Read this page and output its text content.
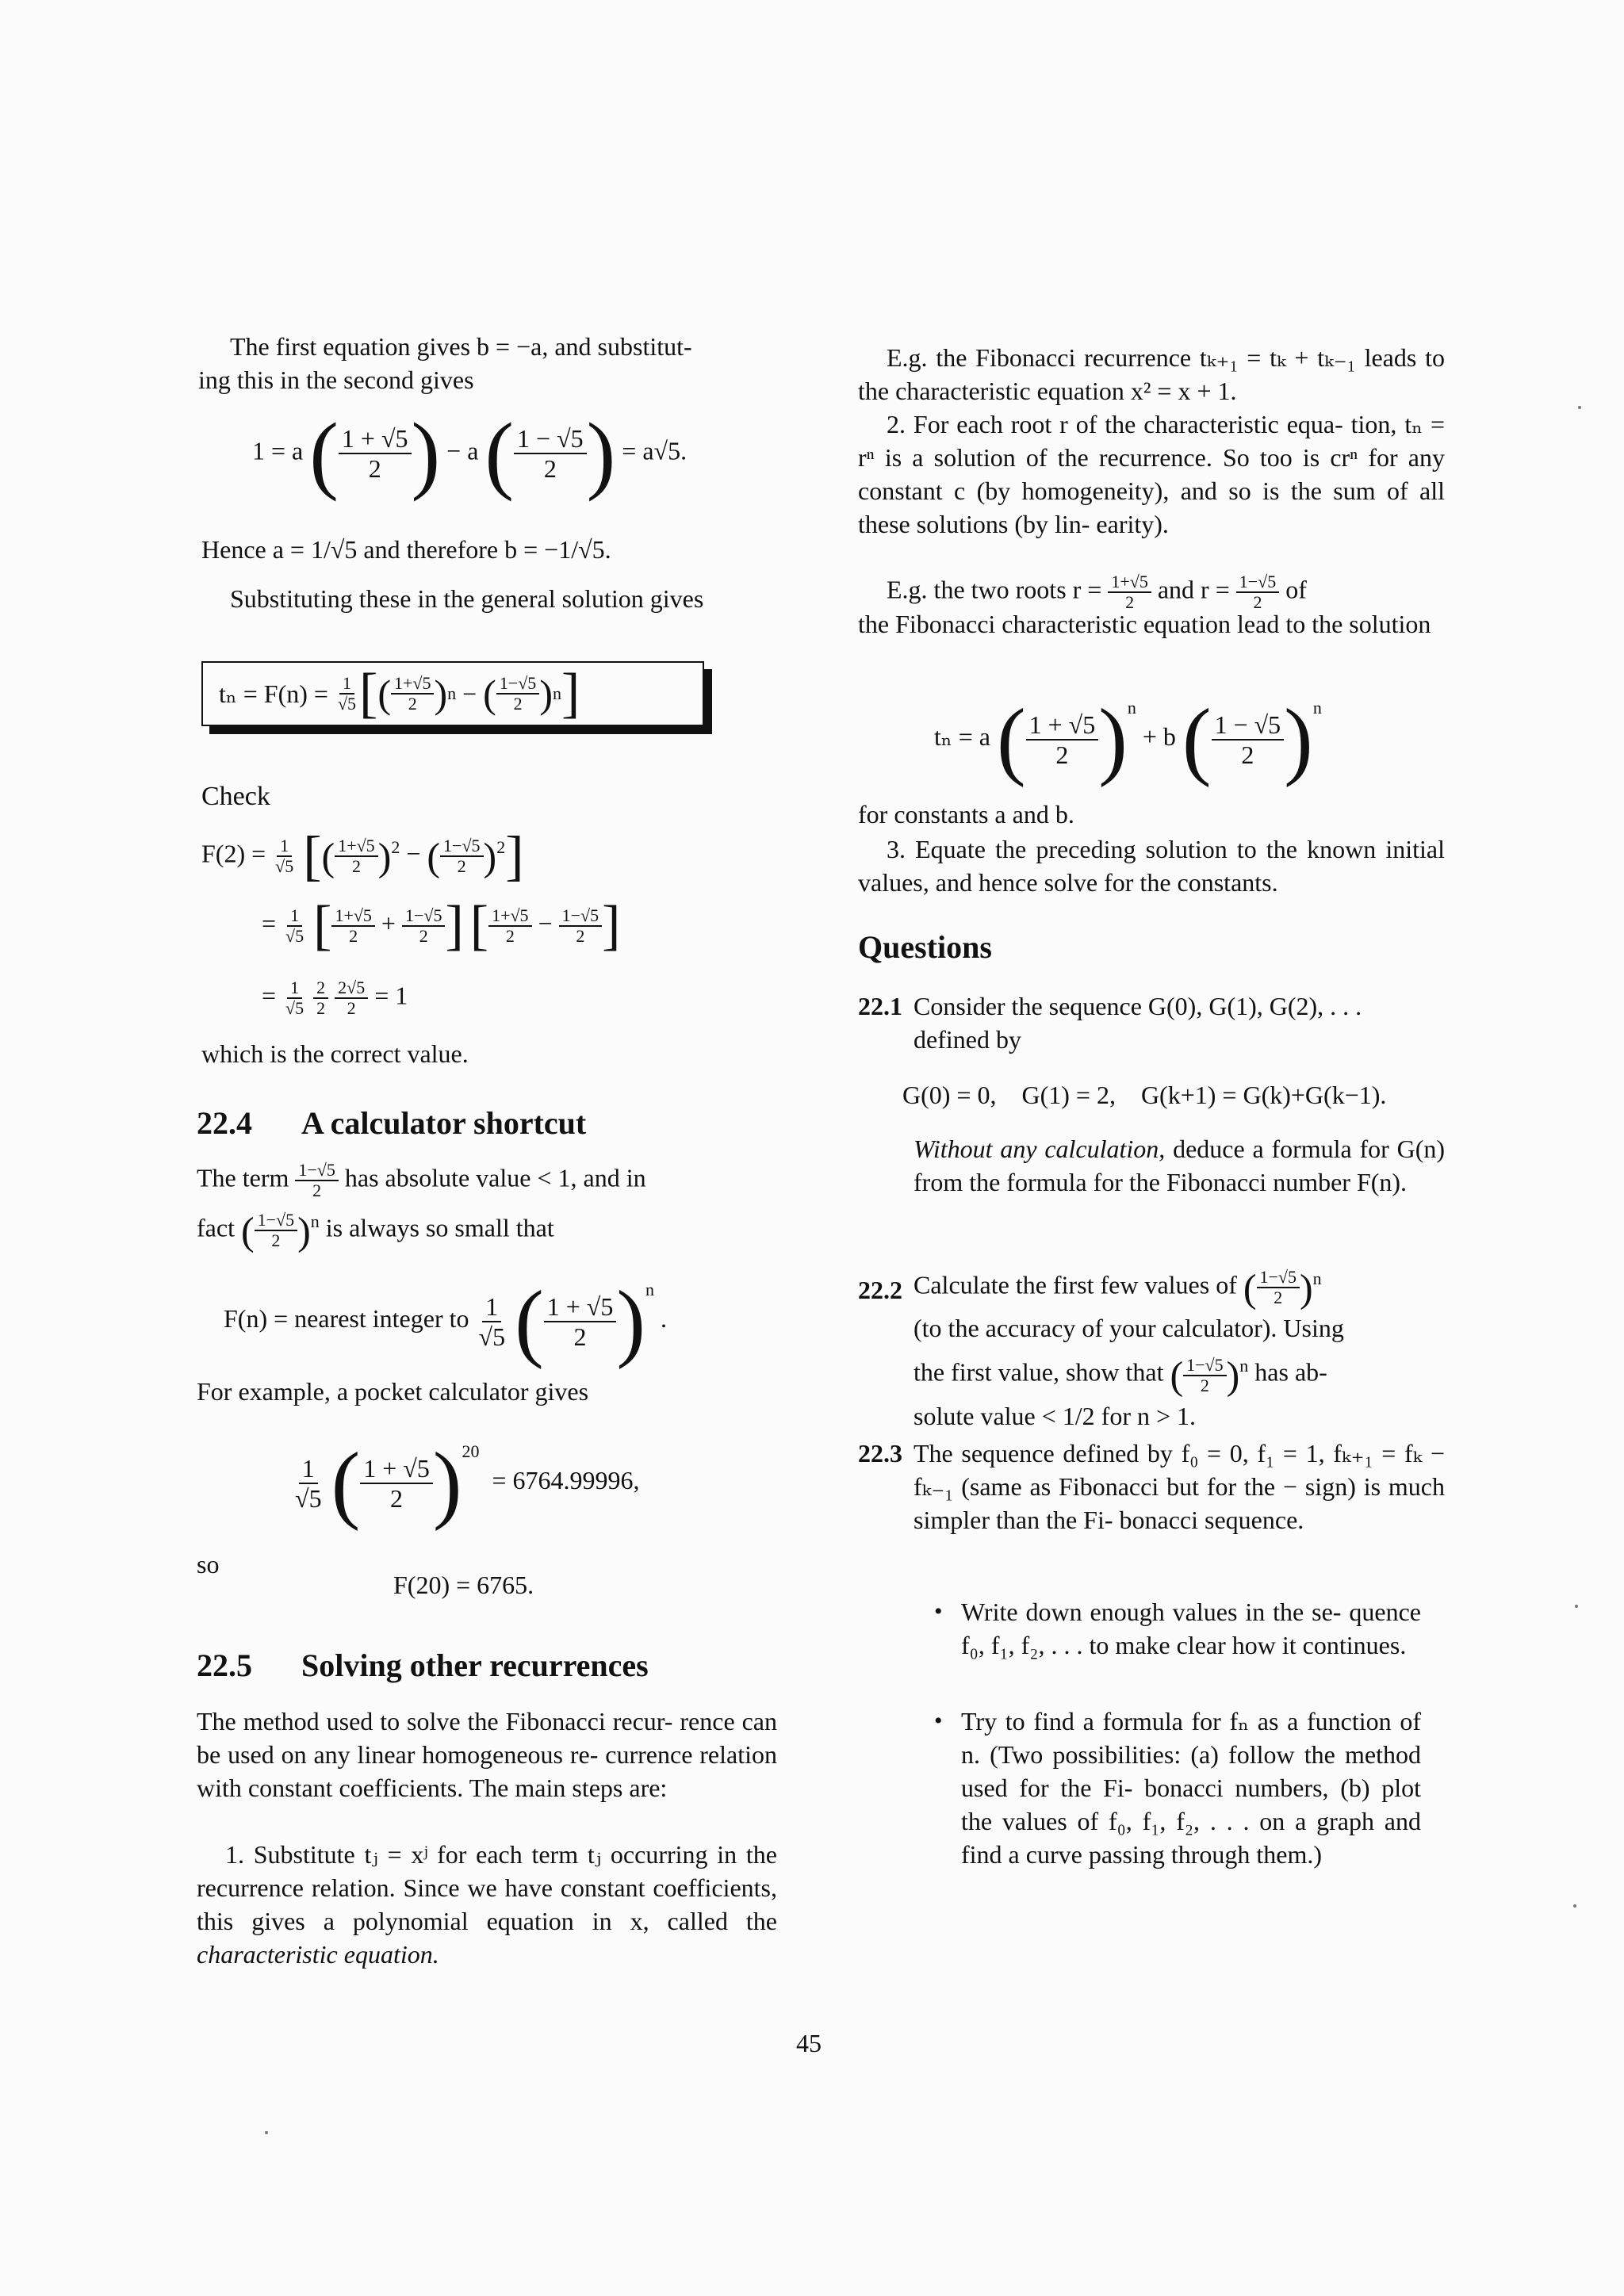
The first equation gives b = −a, and substitut-
ing this in the second gives
1 = a ( $\frac{1 + √5}{2}$ ) − a ( $\frac{1 - √5}{2}$ ) = a√5.
Hence a = 1/√5 and therefore b = −1/√5.
Substituting these in the general solution gives
tₙ = F(n) =
$\frac{1}{√5}$ [ ( $\frac{1+√5}{2}$ ) n − ( $\frac{1-√5}{2}$ ) n ]
Check
$F(2) = \frac{1}{√5}$ [( $\frac{1+√5}{2} )^2$ − ( $\frac{1-√5}{2} )^2$]
= $\frac{1}{√5}$ [ $\frac{1+√5}{2} + \frac{1-√5}{2}$ ] [ $\frac{1+√5}{2} - \frac{1-√5}{2}$ ]
= $\frac{1}{√5}$
$\frac{2}{2}$
$\frac{2√5}{2} = 1$
which is the correct value.
22.4 A calculator shortcut
The term $\frac{1-√5}{2}$ has absolute value < 1, and in
fact ( $\frac{1-√5}{2} )^n$ is always so small that
F(n) = nearest integer to $\frac{1}{√5}$ ( $\frac{1 + √5}{2} )^n$ .
For example, a pocket calculator gives
$\frac{1}{√5}$ ( $\frac{1 + √5}{2} )^{20} = 6764.99996$,
so
F(20) = 6765.
22.5 Solving other recurrences

The method used to solve the Fibonacci recur- rence can be used on any linear homogeneous re- currence relation with constant coefficients. The main steps are:

1. Substitute tⱼ = xʲ for each term tⱼ occurring in the recurrence relation. Since we have constant coefficients, this gives a polynomial equation in x, called the characteristic equation.

E.g. the Fibonacci recurrence tₖ₊₁ = tₖ + tₖ₋₁ leads to the characteristic equation x² = x + 1.

2. For each root r of the characteristic equa- tion, tₙ = rⁿ is a solution of the recurrence. So too is crⁿ for any constant c (by homogeneity), and so is the sum of all these solutions (by lin- earity).

E.g. the two roots $r = \frac{1+√5}{2}$ and $r = \frac{1-√5}{2}$ of

the Fibonacci characteristic equation lead to the solution

tₙ = a ( $\frac{1 + √5}{2} )^n + b$ ( $\frac{1 - √5}{2} )^n$
for constants a and b.

3. Equate the preceding solution to the known initial values, and hence solve for the constants.

Questions
22.1 Consider the sequence G(0), G(1), G(2), . . .
defined by
G(0) = 0,    G(1) = 2,    G(k+1) = G(k)+G(k−1).

Without any calculation, deduce a formula for G(n) from the formula for the Fibonacci number F(n).

22.2 Calculate the first few values of ( $\frac{1-√5}{2} )^n$
(to the accuracy of your calculator). Using
the first value, show that ( $\frac{1-√5}{2} )^n$ has ab-
solute value < 1/2 for n > 1.
22.3 The sequence defined by f₀ = 0, f₁ = 1, fₖ₊₁ = fₖ − fₖ₋₁ (same as Fibonacci but for the − sign) is much simpler than the Fi- bonacci sequence.

• Write down enough values in the se- quence f₀, f₁, f₂, . . . to make clear how it continues.

• Try to find a formula for fₙ as a function of n. (Two possibilities: (a) follow the method used for the Fi- bonacci numbers, (b) plot the values of f₀, f₁, f₂, . . . on a graph and find a curve passing through them.)

45
